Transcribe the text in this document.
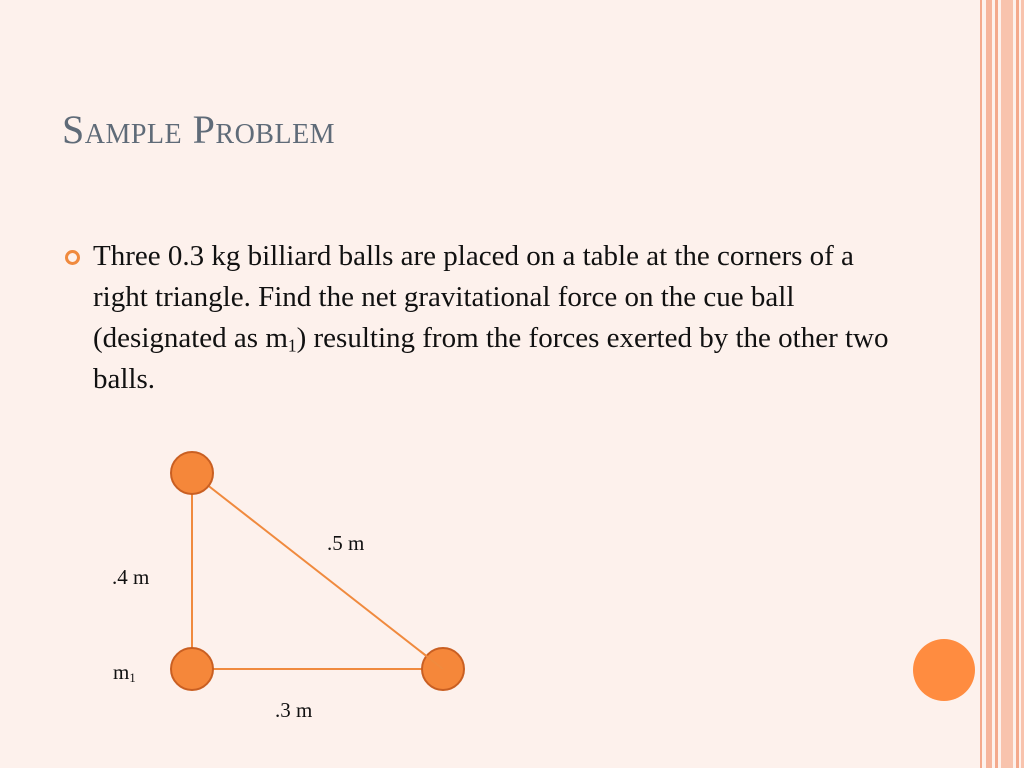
Sample Problem
Three 0.3 kg billiard balls are placed on a table at the corners of a right triangle. Find the net gravitational force on the cue ball (designated as $m_1$) resulting from the forces exerted by the other two balls.
.5 m
.4 m
.3 m
$m_1$
